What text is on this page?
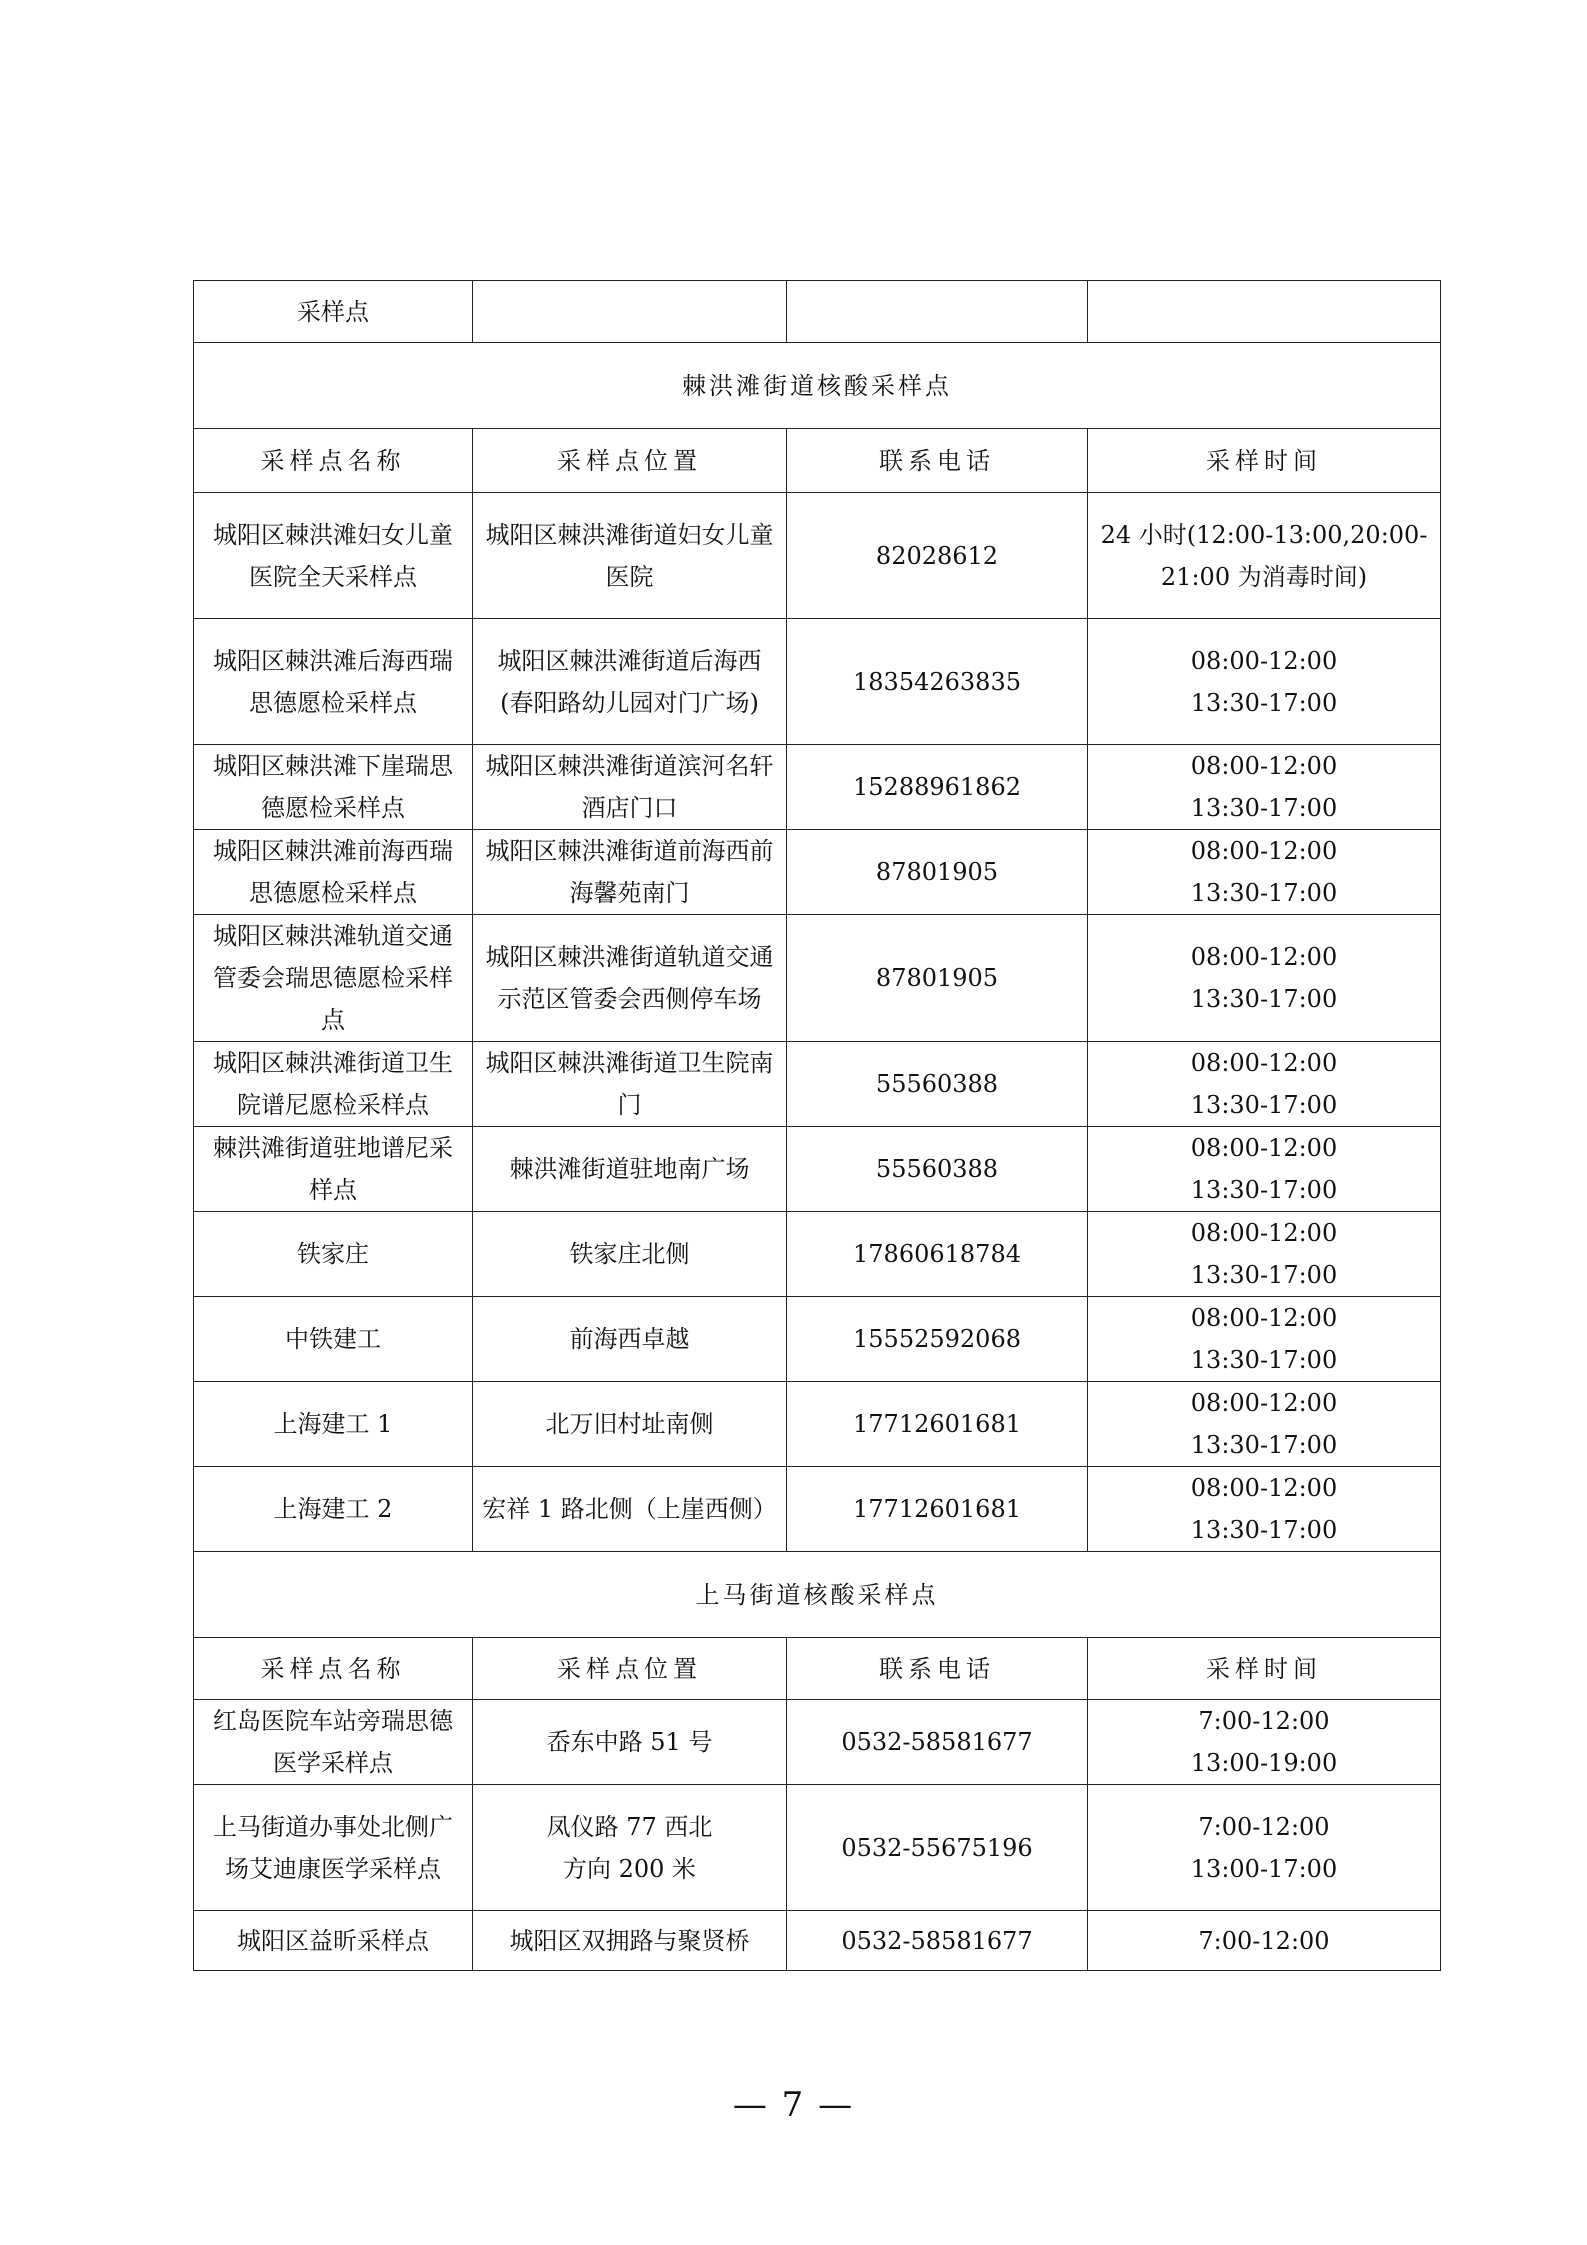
采样点			
棘洪滩街道核酸采样点			
采样点名称	采样点位置	联系电话	采样时间
城阳区棘洪滩妇女儿童医院全天采样点	城阳区棘洪滩街道妇女儿童医院	82028612	24 小时(12:00-13:00,20:00-21:00 为消毒时间)
城阳区棘洪滩后海西瑞思德愿检采样点	城阳区棘洪滩街道后海西(春阳路幼儿园对门广场)	18354263835	08:00-12:00
13:30-17:00
城阳区棘洪滩下崖瑞思德愿检采样点	城阳区棘洪滩街道滨河名轩酒店门口	15288961862	08:00-12:00
13:30-17:00
城阳区棘洪滩前海西瑞思德愿检采样点	城阳区棘洪滩街道前海西前海馨苑南门	87801905	08:00-12:00
13:30-17:00
城阳区棘洪滩轨道交通管委会瑞思德愿检采样点	城阳区棘洪滩街道轨道交通示范区管委会西侧停车场	87801905	08:00-12:00
13:30-17:00
城阳区棘洪滩街道卫生院谱尼愿检采样点	城阳区棘洪滩街道卫生院南门	55560388	08:00-12:00
13:30-17:00
棘洪滩街道驻地谱尼采样点	棘洪滩街道驻地南广场	55560388	08:00-12:00
13:30-17:00
铁家庄	铁家庄北侧	17860618784	08:00-12:00
13:30-17:00
中铁建工	前海西卓越	15552592068	08:00-12:00
13:30-17:00
上海建工 1	北万旧村址南侧	17712601681	08:00-12:00
13:30-17:00
上海建工 2	宏祥 1 路北侧（上崖西侧）	17712601681	08:00-12:00
13:30-17:00
上马街道核酸采样点			
采样点名称	采样点位置	联系电话	采样时间
红岛医院车站旁瑞思德医学采样点	岙东中路 51 号	0532-58581677	7:00-12:00
13:00-19:00
上马街道办事处北侧广场艾迪康医学采样点	凤仪路 77 西北
方向 200 米	0532-55675196	7:00-12:00
13:00-17:00
城阳区益昕采样点	城阳区双拥路与聚贤桥	0532-58581677	7:00-12:00
— 7 —
